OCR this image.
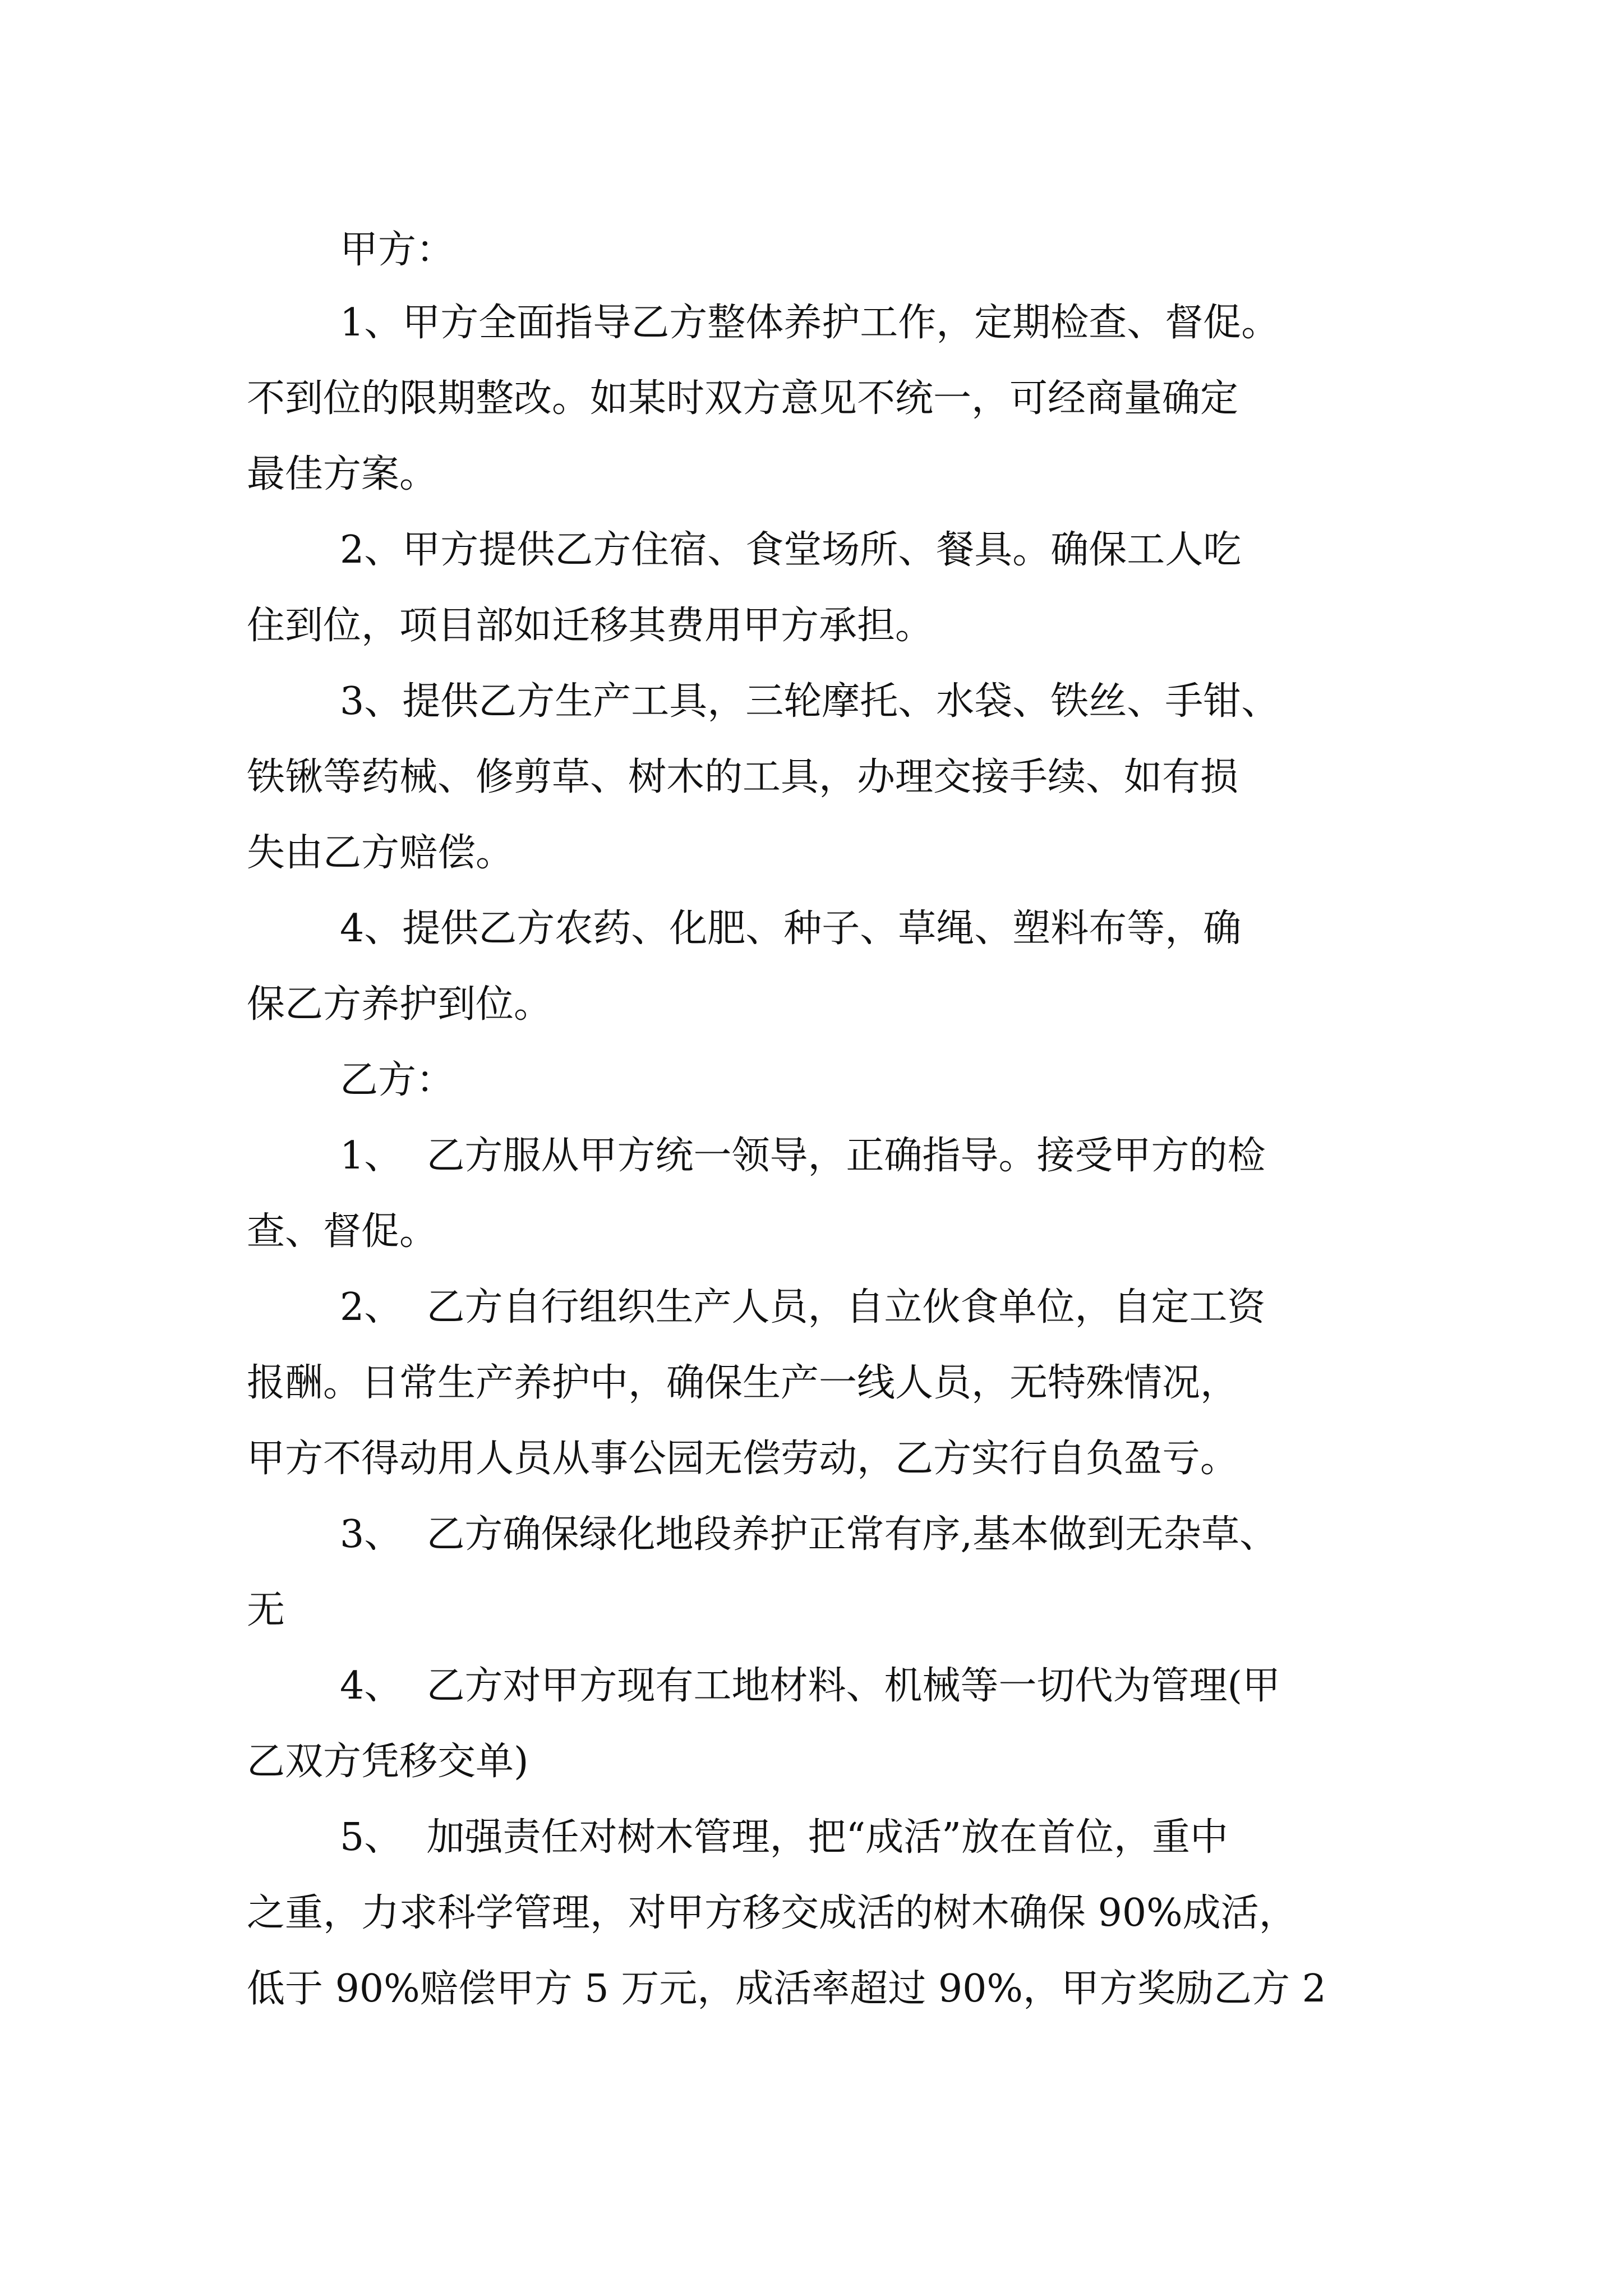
甲方：

1、甲方全面指导乙方整体养护工作，定期检查、督促。

不到位的限期整改。如某时双方意见不统一，可经商量确定

最佳方案。

2、甲方提供乙方住宿、食堂场所、餐具。确保工人吃

住到位，项目部如迁移其费用甲方承担。

3、提供乙方生产工具，三轮摩托、水袋、铁丝、手钳、

铁锹等药械、修剪草、树木的工具，办理交接手续、如有损

失由乙方赔偿。

4、提供乙方农药、化肥、种子、草绳、塑料布等，确

保乙方养护到位。

乙方：

1、  乙方服从甲方统一领导，正确指导。接受甲方的检

查、督促。

2、  乙方自行组织生产人员，自立伙食单位，自定工资

报酬。日常生产养护中，确保生产一线人员，无特殊情况，

甲方不得动用人员从事公园无偿劳动，乙方实行自负盈亏。

3、  乙方确保绿化地段养护正常有序,基本做到无杂草、

无

4、  乙方对甲方现有工地材料、机械等一切代为管理(甲

乙双方凭移交单)

5、  加强责任对树木管理，把“成活”放在首位，重中

之重，力求科学管理，对甲方移交成活的树木确保 90%成活，

低于 90%赔偿甲方 5 万元，成活率超过 90%，甲方奖励乙方 2
